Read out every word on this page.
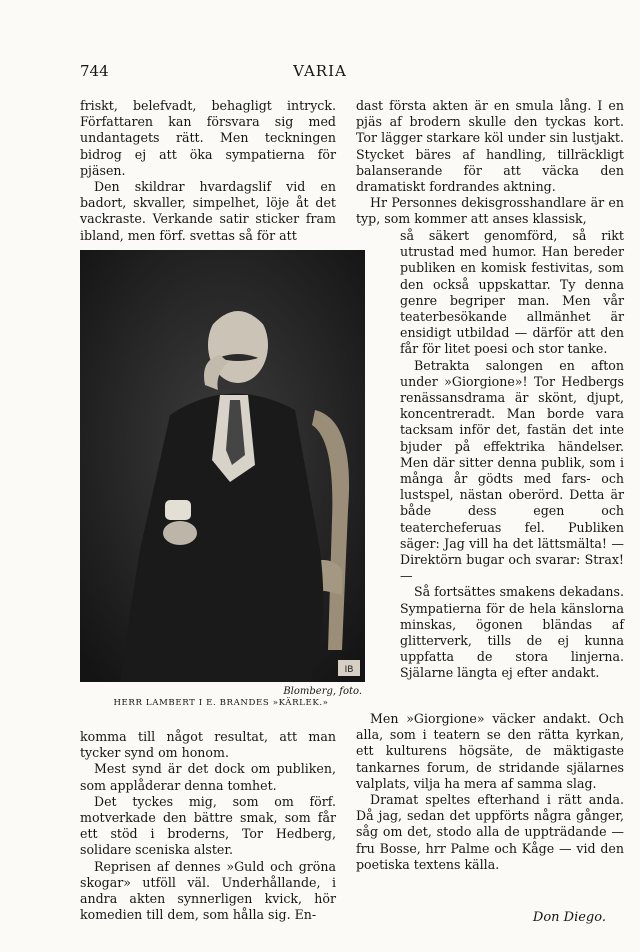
744	VARIA

friskt, belefvadt, behagligt intryck. Författaren kan försvara sig med undantagets rätt. Men teckningen bidrog ej att öka sympatierna för pjäsen.

Den skildrar hvardagslif vid en badort, skvaller, simpelhet, löje åt det vackraste. Verkande satir sticker fram ibland, men förf. svettas så för att

IB
Blomberg, foto.
HERR LAMBERT I E. BRANDES »KÄRLEK.»

komma till något resultat, att man tycker synd om honom.

Mest synd är det dock om publiken, som applåderar denna tomhet.

Det tyckes mig, som om förf. motverkade den bättre smak, som får ett stöd i broderns, Tor Hedberg, solidare sceniska alster.

Reprisen af dennes »Guld och gröna skogar» utföll väl. Underhållande, i andra akten synnerligen kvick, hör komedien till dem, som hålla sig. En-

dast första akten är en smula lång. I en pjäs af brodern skulle den tyckas kort. Tor lägger starkare köl under sin lustjakt. Stycket bäres af handling, tillräckligt balanserande för att väcka den dramatiskt fordrandes aktning.

Hr Personnes dekisgrosshandlare är en typ, som kommer att anses klassisk,

så säkert genomförd, så rikt utrustad med humor. Han bereder publiken en komisk festivitas, som den också uppskattar. Ty denna genre begriper man. Men vår teaterbesökande allmänhet är ensidigt utbildad — därför att den får för litet poesi och stor tanke.

Betrakta salongen en afton under »Giorgione»! Tor Hedbergs renässansdrama är skönt, djupt, koncentreradt. Man borde vara tacksam inför det, fastän det inte bjuder på effektrika händelser. Men där sitter denna publik, som i många år gödts med fars- och lustspel, nästan oberörd. Detta är både dess egen och teatercheferuas fel. Publiken säger: Jag vill ha det lättsmälta! — Direktörn bugar och svarar: Strax! —

Så fortsättes smakens dekadans. Sympatierna för de hela känslorna minskas, ögonen bländas af glitterverk, tills de ej kunna uppfatta de stora linjerna. Själarne längta ej efter andakt.

Men »Giorgione» väcker andakt. Och alla, som i teatern se den rätta kyrkan, ett kulturens högsäte, de mäktigaste tankarnes forum, de stridande själarnes valplats, vilja ha mera af samma slag.

Dramat speltes efterhand i rätt anda. Då jag, sedan det uppförts några gånger, såg om det, stodo alla de uppträdande — fru Bosse, hrr Palme och Kåge — vid den poetiska textens källa.

Don Diego.
